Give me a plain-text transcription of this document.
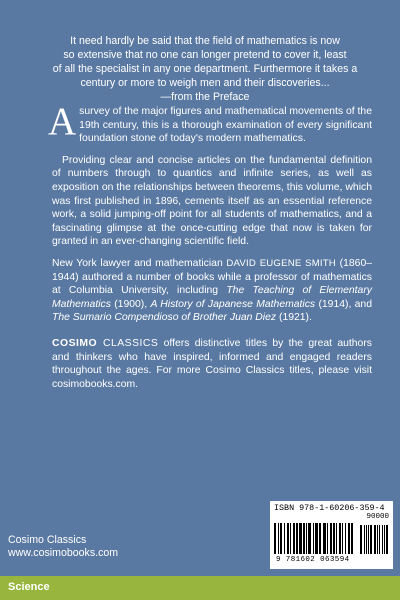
It need hardly be said that the field of mathematics is now
so extensive that no one can longer pretend to cover it, least
of all the specialist in any one department. Furthermore it takes a
century or more to weigh men and their discoveries...

—from the Preface

Asurvey of the major figures and mathematical movements of the 19th century, this is a thorough examination of every significant foundation stone of today's modern mathematics.

Providing clear and concise articles on the fundamental definition of numbers through to quantics and infinite series, as well as exposition on the relationships between theorems, this volume, which was first published in 1896, cements itself as an essential reference work, a solid jumping-off point for all students of mathematics, and a fascinating glimpse at the once-cutting edge that now is taken for granted in an ever-changing scientific field.

New York lawyer and mathematician DAVID EUGENE SMITH (1860–1944) authored a number of books while a professor of mathematics at Columbia University, including The Teaching of Elementary Mathematics (1900), A History of Japanese Mathematics (1914), and The Sumario Compendioso of Brother Juan Diez (1921).

COSIMO CLASSICS offers distinctive titles by the great authors and thinkers who have inspired, informed and engaged readers throughout the ages. For more Cosimo Classics titles, please visit cosimobooks.com.

Cosimo Classics
www.cosimobooks.com
ISBN 978-1-60206-359-4
90000
9 781602 063594
Science
